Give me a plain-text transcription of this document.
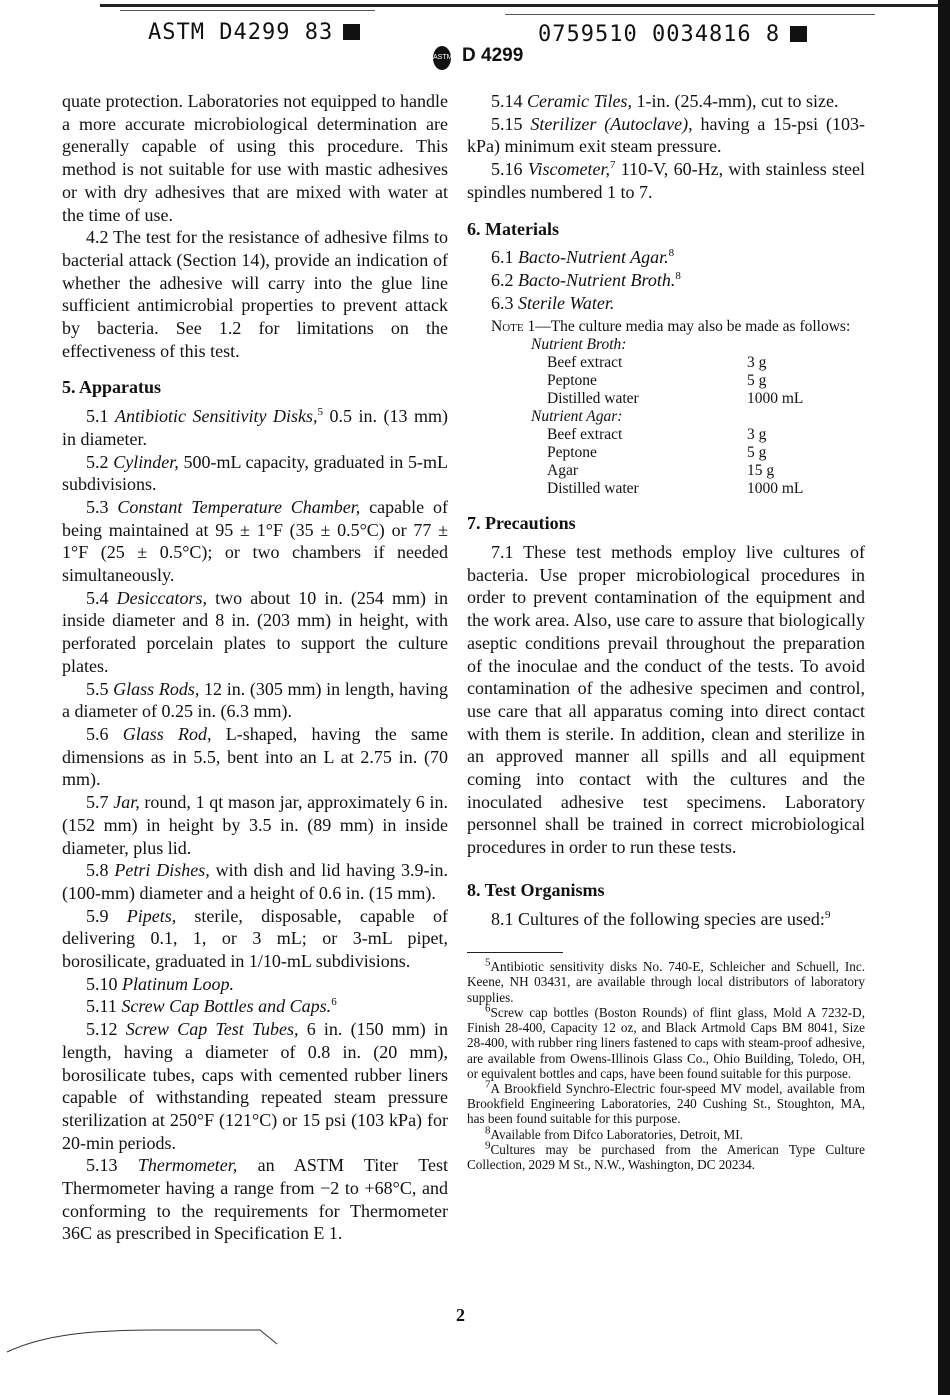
ASTM D4299 83	0759510 0034816 8
ASTM D 4299

quate protection. Laboratories not equipped to handle a more accurate microbiological determination are generally capable of using this procedure. This method is not suitable for use with mastic adhesives or with dry adhesives that are mixed with water at the time of use.

4.2 The test for the resistance of adhesive films to bacterial attack (Section 14), provide an indication of whether the adhesive will carry into the glue line sufficient antimicrobial properties to prevent attack by bacteria. See 1.2 for limitations on the effectiveness of this test.

5. Apparatus

5.1 Antibiotic Sensitivity Disks,$^5$ 0.5 in. (13 mm) in diameter.

5.2 Cylinder, 500-mL capacity, graduated in 5-mL subdivisions.

5.3 Constant Temperature Chamber, capable of being maintained at 95 ± 1°F (35 ± 0.5°C) or 77 ± 1°F (25 ± 0.5°C); or two chambers if needed simultaneously.

5.4 Desiccators, two about 10 in. (254 mm) in inside diameter and 8 in. (203 mm) in height, with perforated porcelain plates to support the culture plates.

5.5 Glass Rods, 12 in. (305 mm) in length, having a diameter of 0.25 in. (6.3 mm).

5.6 Glass Rod, L-shaped, having the same dimensions as in 5.5, bent into an L at 2.75 in. (70 mm).

5.7 Jar, round, 1 qt mason jar, approximately 6 in. (152 mm) in height by 3.5 in. (89 mm) in inside diameter, plus lid.

5.8 Petri Dishes, with dish and lid having 3.9-in. (100-mm) diameter and a height of 0.6 in. (15 mm).

5.9 Pipets, sterile, disposable, capable of delivering 0.1, 1, or 3 mL; or 3-mL pipet, borosilicate, graduated in 1/10-mL subdivisions.

5.10 Platinum Loop.

5.11 Screw Cap Bottles and Caps.$^6$

5.12 Screw Cap Test Tubes, 6 in. (150 mm) in length, having a diameter of 0.8 in. (20 mm), borosilicate tubes, caps with cemented rubber liners capable of withstanding repeated steam pressure sterilization at 250°F (121°C) or 15 psi (103 kPa) for 20-min periods.

5.13 Thermometer, an ASTM Titer Test Thermometer having a range from −2 to +68°C, and conforming to the requirements for Thermometer 36C as prescribed in Specification E 1.

5.14 Ceramic Tiles, 1-in. (25.4-mm), cut to size.

5.15 Sterilizer (Autoclave), having a 15-psi (103-kPa) minimum exit steam pressure.

5.16 Viscometer,$^7$ 110-V, 60-Hz, with stainless steel spindles numbered 1 to 7.

6. Materials

6.1 Bacto-Nutrient Agar.$^8$

6.2 Bacto-Nutrient Broth.$^8$

6.3 Sterile Water.

Note 1—The culture media may also be made as follows:

Nutrient Broth:	
Beef extract	3 g
Peptone	5 g
Distilled water	1000 mL
Nutrient Agar:	
Beef extract	3 g
Peptone	5 g
Agar	15 g
Distilled water	1000 mL
7. Precautions

7.1 These test methods employ live cultures of bacteria. Use proper microbiological procedures in order to prevent contamination of the equipment and the work area. Also, use care to assure that biologically aseptic conditions prevail throughout the preparation of the inoculae and the conduct of the tests. To avoid contamination of the adhesive specimen and control, use care that all apparatus coming into direct contact with them is sterile. In addition, clean and sterilize in an approved manner all spills and all equipment coming into contact with the cultures and the inoculated adhesive test specimens. Laboratory personnel shall be trained in correct microbiological procedures in order to run these tests.

8. Test Organisms

8.1 Cultures of the following species are used:$^9$

$^5$Antibiotic sensitivity disks No. 740-E, Schleicher and Schuell, Inc. Keene, NH 03431, are available through local distributors of laboratory supplies.

$^6$Screw cap bottles (Boston Rounds) of flint glass, Mold A 7232-D, Finish 28-400, Capacity 12 oz, and Black Artmold Caps BM 8041, Size 28-400, with rubber ring liners fastened to caps with steam-proof adhesive, are available from Owens-Illinois Glass Co., Ohio Building, Toledo, OH, or equivalent bottles and caps, have been found suitable for this purpose.

$^7$A Brookfield Synchro-Electric four-speed MV model, available from Brookfield Engineering Laboratories, 240 Cushing St., Stoughton, MA, has been found suitable for this purpose.

$^8$Available from Difco Laboratories, Detroit, MI.

$^9$Cultures may be purchased from the American Type Culture Collection, 2029 M St., N.W., Washington, DC 20234.

2
